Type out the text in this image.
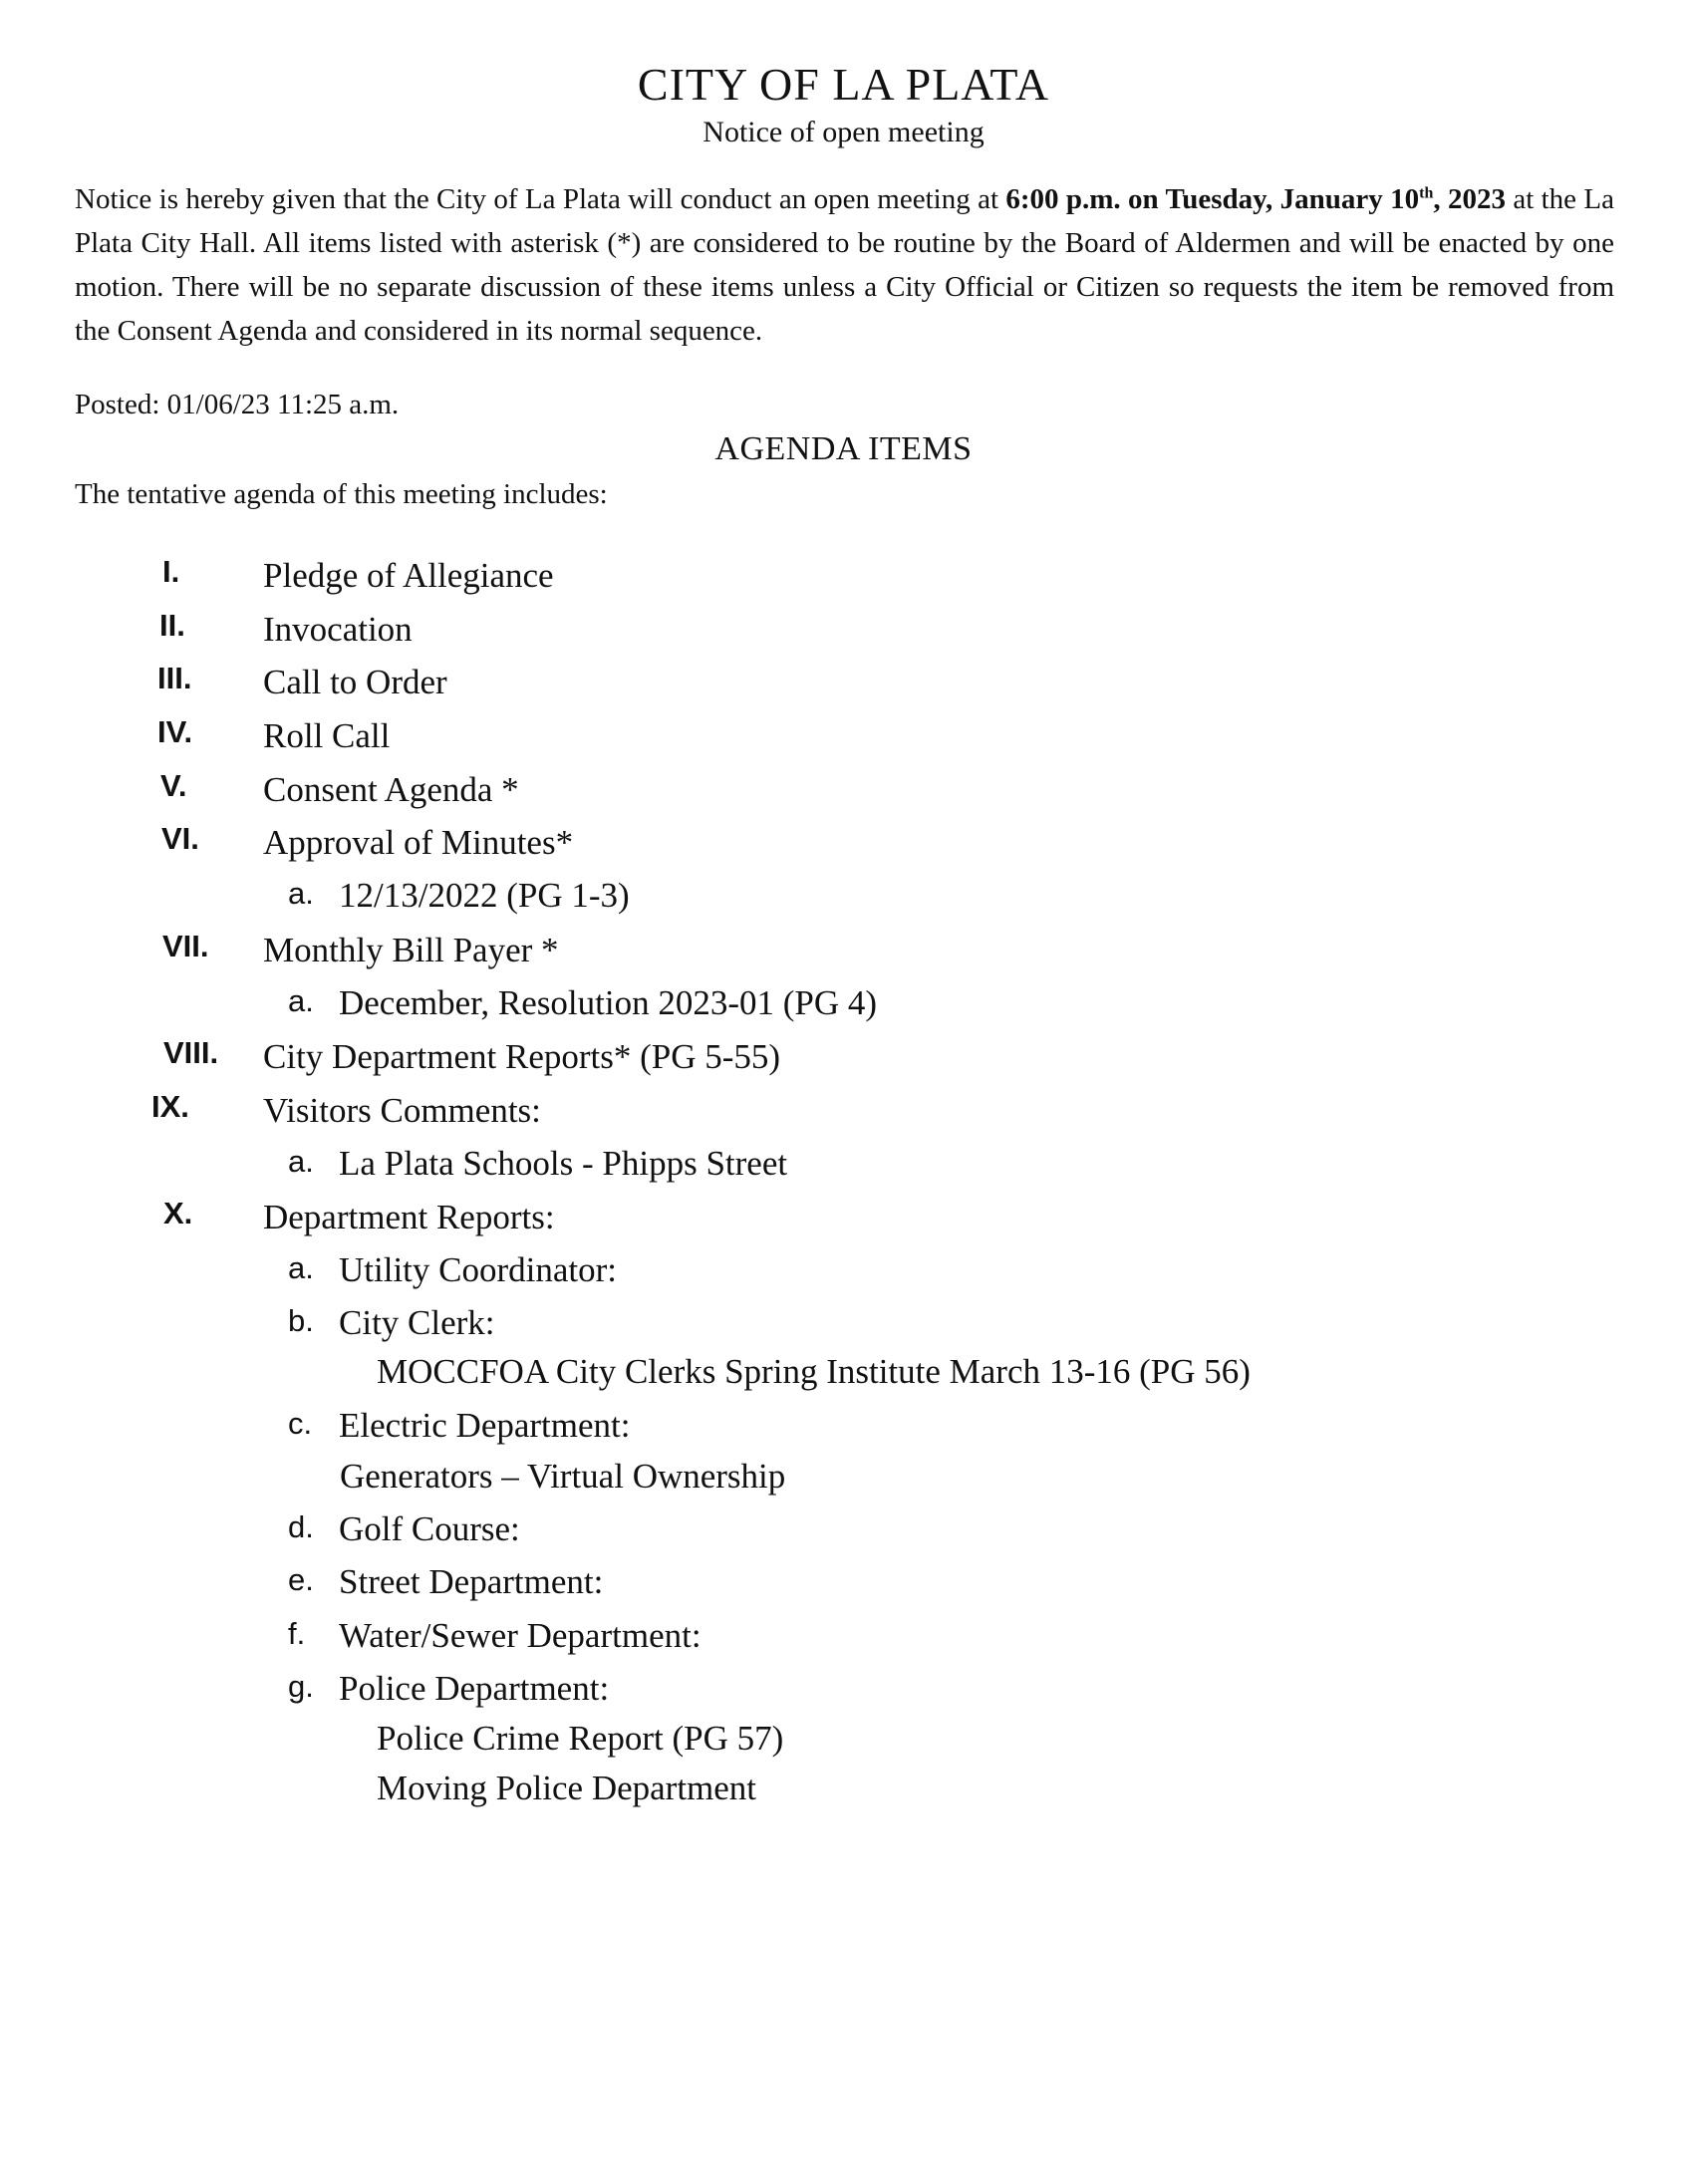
CITY OF LA PLATA
Notice of open meeting
Notice is hereby given that the City of La Plata will conduct an open meeting at 6:00 p.m. on Tuesday, January 10th, 2023 at the La Plata City Hall. All items listed with asterisk (*) are considered to be routine by the Board of Aldermen and will be enacted by one motion. There will be no separate discussion of these items unless a City Official or Citizen so requests the item be removed from the Consent Agenda and considered in its normal sequence.
Posted: 01/06/23 11:25 a.m.
AGENDA ITEMS
The tentative agenda of this meeting includes:
I. Pledge of Allegiance
II. Invocation
III. Call to Order
IV. Roll Call
V. Consent Agenda *
VI. Approval of Minutes*
a. 12/13/2022 (PG 1-3)
VII. Monthly Bill Payer *
a. December, Resolution 2023-01 (PG 4)
VIII. City Department Reports* (PG 5-55)
IX. Visitors Comments:
a. La Plata Schools - Phipps Street
X. Department Reports:
a. Utility Coordinator:
b. City Clerk:
MOCCFOA City Clerks Spring Institute March 13-16 (PG 56)
c. Electric Department:
Generators – Virtual Ownership
d. Golf Course:
e. Street Department:
f. Water/Sewer Department:
g. Police Department:
Police Crime Report (PG 57)
Moving Police Department
